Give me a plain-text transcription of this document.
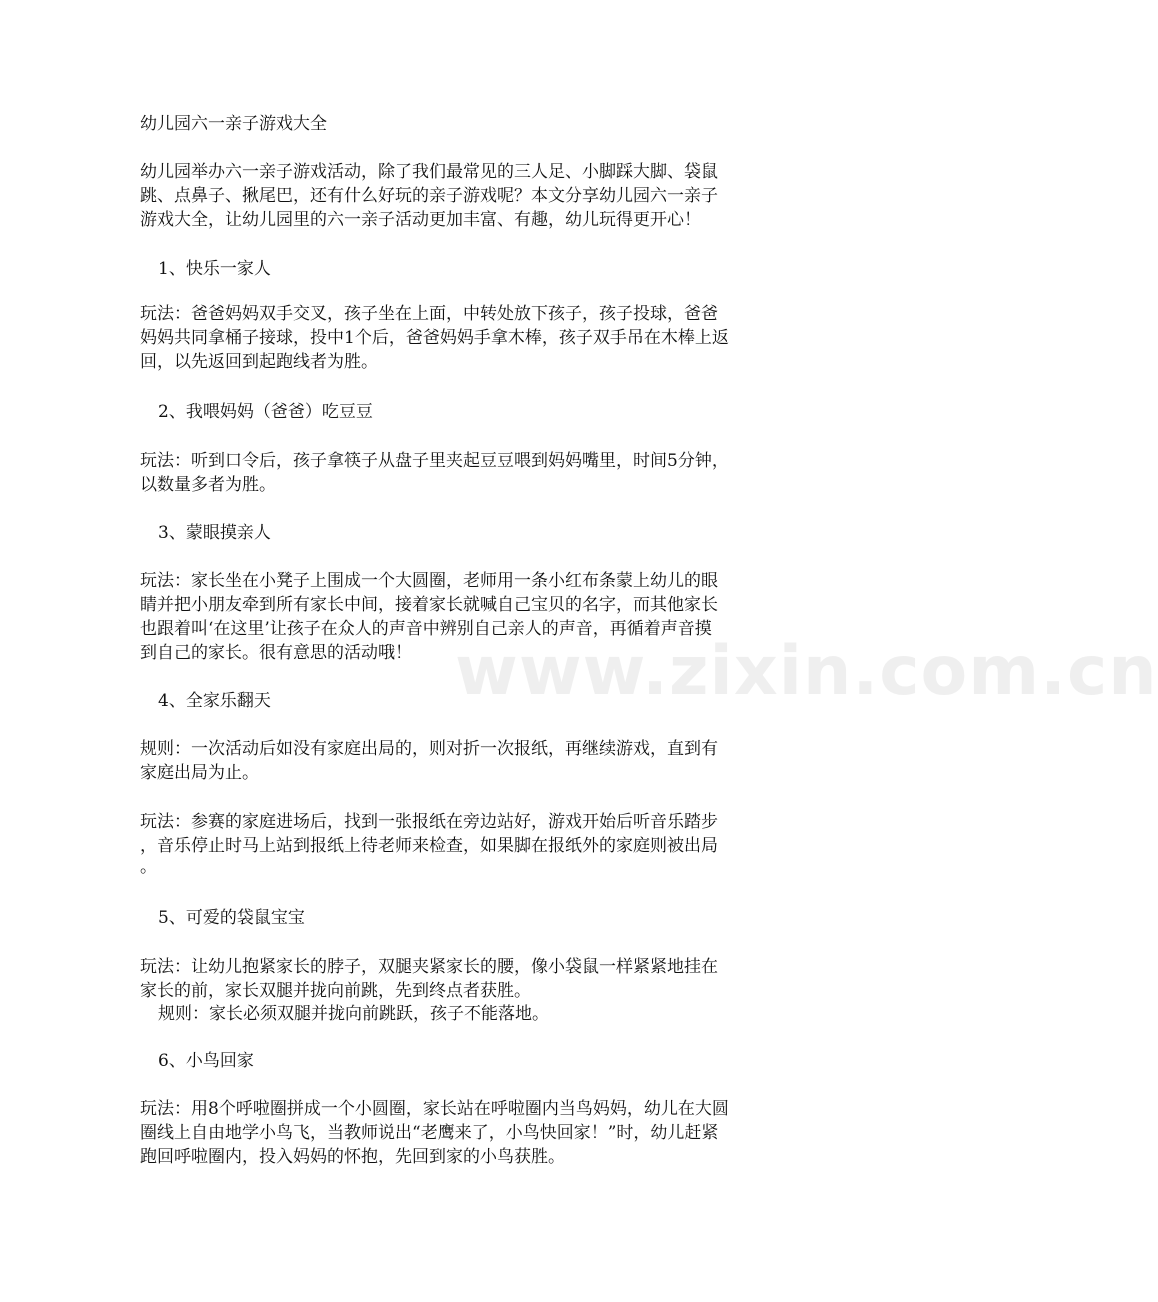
幼儿园六一亲子游戏大全
幼儿园举办六一亲子游戏活动，除了我们最常见的三人足、小脚踩大脚、袋鼠
跳、点鼻子、揪尾巴，还有什么好玩的亲子游戏呢？本文分享幼儿园六一亲子
游戏大全，让幼儿园里的六一亲子活动更加丰富、有趣，幼儿玩得更开心！
1、快乐一家人
玩法：爸爸妈妈双手交叉，孩子坐在上面，中转处放下孩子，孩子投球，爸爸
妈妈共同拿桶子接球，投中1个后，爸爸妈妈手拿木棒，孩子双手吊在木棒上返
回，以先返回到起跑线者为胜。
2、我喂妈妈（爸爸）吃豆豆
玩法：听到口令后，孩子拿筷子从盘子里夹起豆豆喂到妈妈嘴里，时间5分钟，
以数量多者为胜。
3、蒙眼摸亲人
玩法：家长坐在小凳子上围成一个大圆圈，老师用一条小红布条蒙上幼儿的眼
睛并把小朋友牵到所有家长中间，接着家长就喊自己宝贝的名字，而其他家长
也跟着叫‘在这里’让孩子在众人的声音中辨别自己亲人的声音，再循着声音摸
到自己的家长。很有意思的活动哦！
4、全家乐翻天
规则：一次活动后如没有家庭出局的，则对折一次报纸，再继续游戏，直到有
家庭出局为止。
玩法：参赛的家庭进场后，找到一张报纸在旁边站好，游戏开始后听音乐踏步
，音乐停止时马上站到报纸上待老师来检查，如果脚在报纸外的家庭则被出局
。
5、可爱的袋鼠宝宝
玩法：让幼儿抱紧家长的脖子，双腿夹紧家长的腰，像小袋鼠一样紧紧地挂在
家长的前，家长双腿并拢向前跳，先到终点者获胜。
规则：家长必须双腿并拢向前跳跃，孩子不能落地。
6、小鸟回家
玩法：用8个呼啦圈拼成一个小圆圈，家长站在呼啦圈内当鸟妈妈，幼儿在大圆
圈线上自由地学小鸟飞，当教师说出“老鹰来了，小鸟快回家！”时，幼儿赶紧
跑回呼啦圈内，投入妈妈的怀抱，先回到家的小鸟获胜。
www.zixin.com.cn
